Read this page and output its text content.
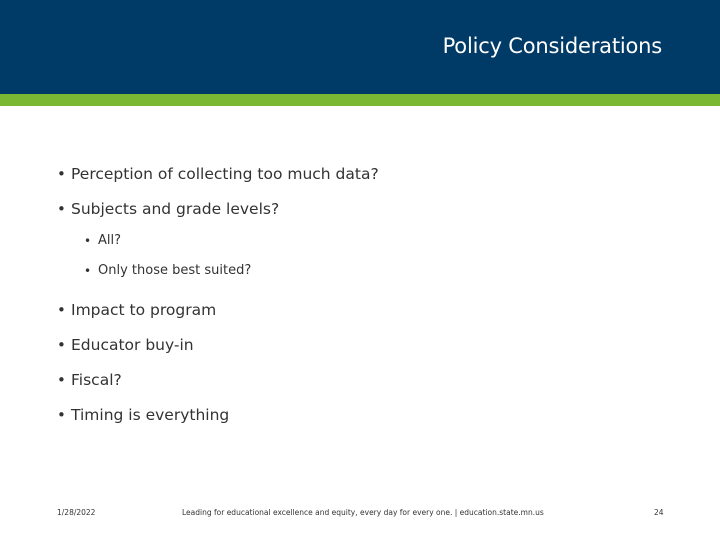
Policy Considerations
• Perception of collecting too much data?
• Subjects and grade levels?
• All?
• Only those best suited?
• Impact to program
• Educator buy-in
• Fiscal?
• Timing is everything
1/28/2022	Leading for educational excellence and equity, every day for every one. | education.state.mn.us	24
